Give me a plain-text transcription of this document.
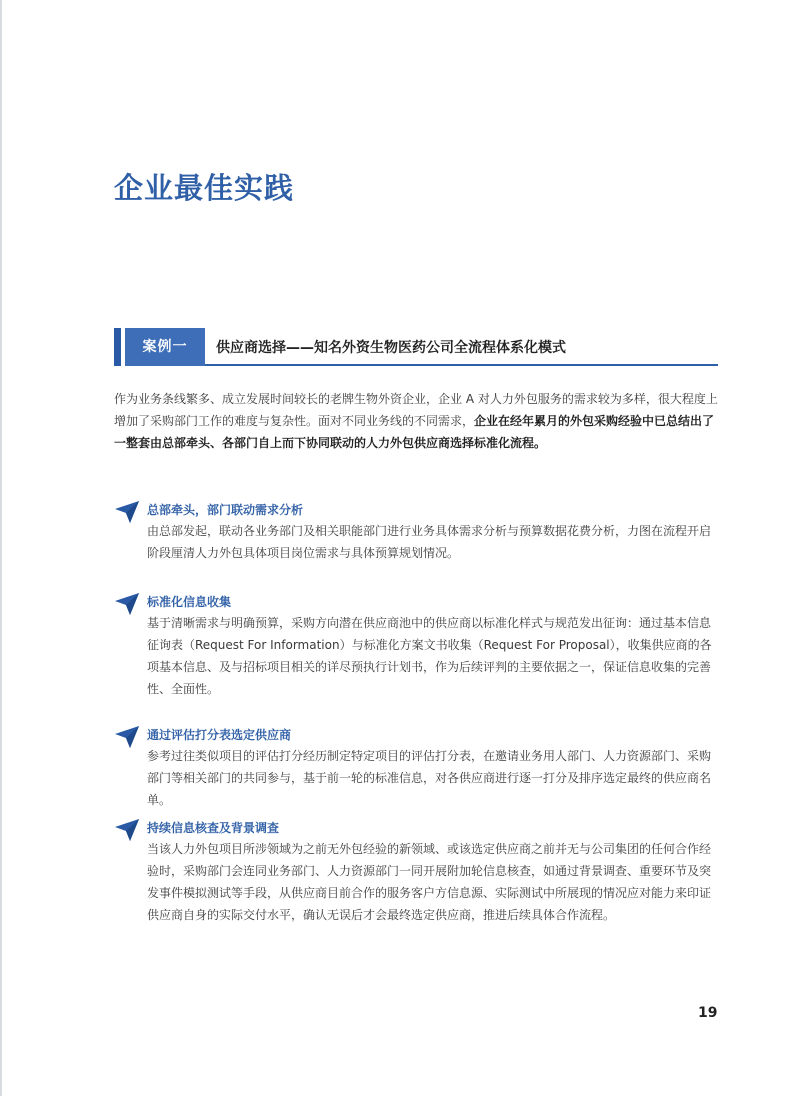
企业最佳实践
案例一	供应商选择——知名外资生物医药公司全流程体系化模式
作为业务条线繁多、成立发展时间较长的老牌生物外资企业，企业 A 对人力外包服务的需求较为多样，很大程度上增加了采购部门工作的难度与复杂性。面对不同业务线的不同需求，企业在经年累月的外包采购经验中已总结出了一整套由总部牵头、各部门自上而下协同联动的人力外包供应商选择标准化流程。
总部牵头，部门联动需求分析
由总部发起，联动各业务部门及相关职能部门进行业务具体需求分析与预算数据花费分析，力图在流程开启阶段厘清人力外包具体项目岗位需求与具体预算规划情况。
标准化信息收集
基于清晰需求与明确预算，采购方向潜在供应商池中的供应商以标准化样式与规范发出征询：通过基本信息征询表（Request For Information）与标准化方案文书收集（Request For Proposal），收集供应商的各项基本信息、及与招标项目相关的详尽预执行计划书，作为后续评判的主要依据之一，保证信息收集的完善性、全面性。
通过评估打分表选定供应商
参考过往类似项目的评估打分经历制定特定项目的评估打分表，在邀请业务用人部门、人力资源部门、采购部门等相关部门的共同参与，基于前一轮的标准信息，对各供应商进行逐一打分及排序选定最终的供应商名单。
持续信息核查及背景调查
当该人力外包项目所涉领域为之前无外包经验的新领域、或该选定供应商之前并无与公司集团的任何合作经验时，采购部门会连同业务部门、人力资源部门一同开展附加轮信息核查，如通过背景调查、重要环节及突发事件模拟测试等手段，从供应商目前合作的服务客户方信息源、实际测试中所展现的情况应对能力来印证供应商自身的实际交付水平，确认无误后才会最终选定供应商，推进后续具体合作流程。
19
